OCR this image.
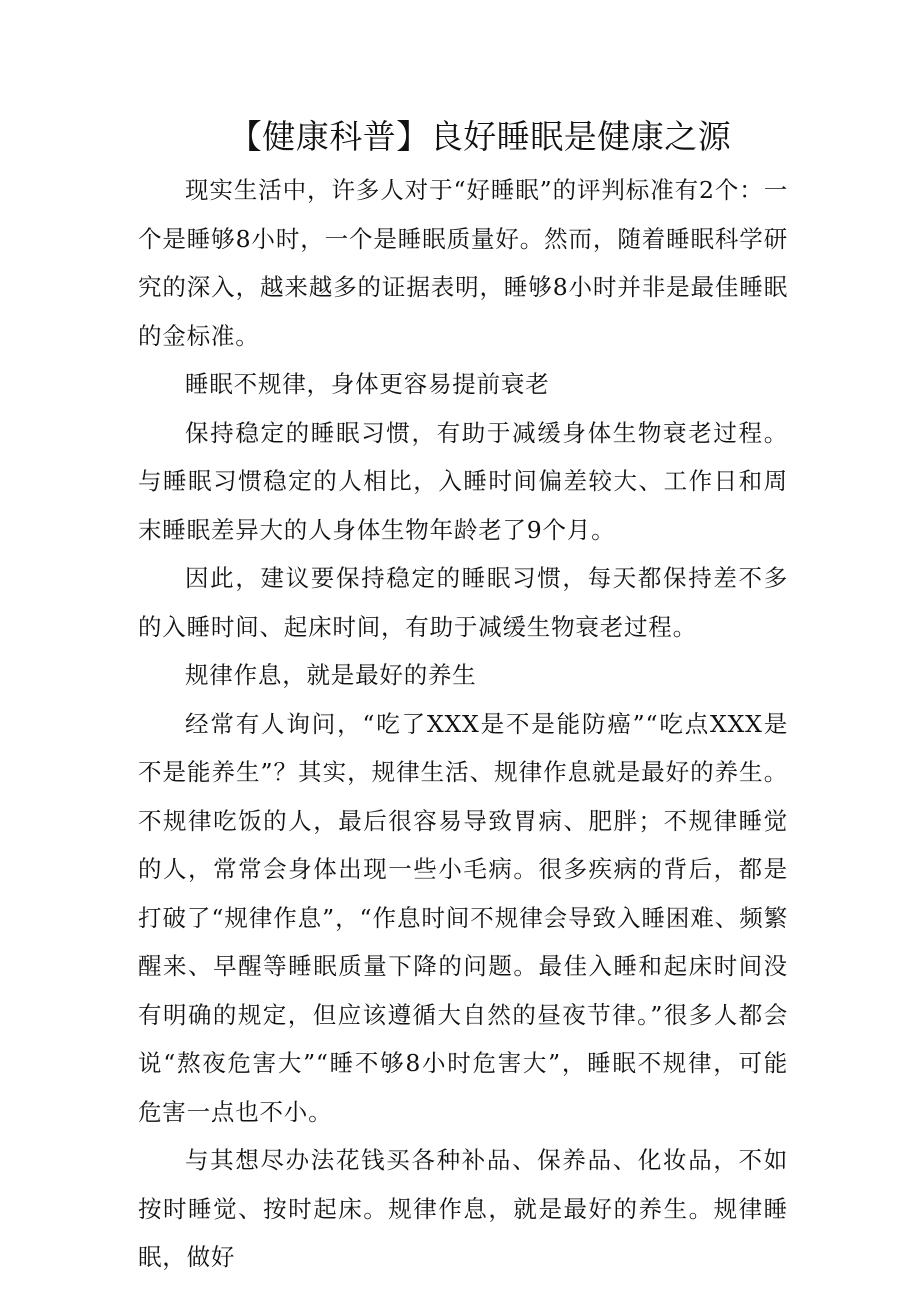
【健康科普】良好睡眠是健康之源

现实生活中，许多人对于“好睡眠”的评判标准有2个：一个是睡够8小时，一个是睡眠质量好。然而，随着睡眠科学研究的深入，越来越多的证据表明，睡够8小时并非是最佳睡眠的金标准。

睡眠不规律，身体更容易提前衰老

保持稳定的睡眠习惯，有助于减缓身体生物衰老过程。与睡眠习惯稳定的人相比，入睡时间偏差较大、工作日和周末睡眠差异大的人身体生物年龄老了9个月。

因此，建议要保持稳定的睡眠习惯，每天都保持差不多的入睡时间、起床时间，有助于减缓生物衰老过程。

规律作息，就是最好的养生

经常有人询问，“吃了XXX是不是能防癌”“吃点XXX是不是能养生”？其实，规律生活、规律作息就是最好的养生。不规律吃饭的人，最后很容易导致胃病、肥胖；不规律睡觉的人，常常会身体出现一些小毛病。很多疾病的背后，都是打破了“规律作息”，“作息时间不规律会导致入睡困难、频繁醒来、早醒等睡眠质量下降的问题。最佳入睡和起床时间没有明确的规定，但应该遵循大自然的昼夜节律。”很多人都会说“熬夜危害大”“睡不够8小时危害大”，睡眠不规律，可能危害一点也不小。

与其想尽办法花钱买各种补品、保养品、化妆品，不如按时睡觉、按时起床。规律作息，就是最好的养生。规律睡眠，做好
